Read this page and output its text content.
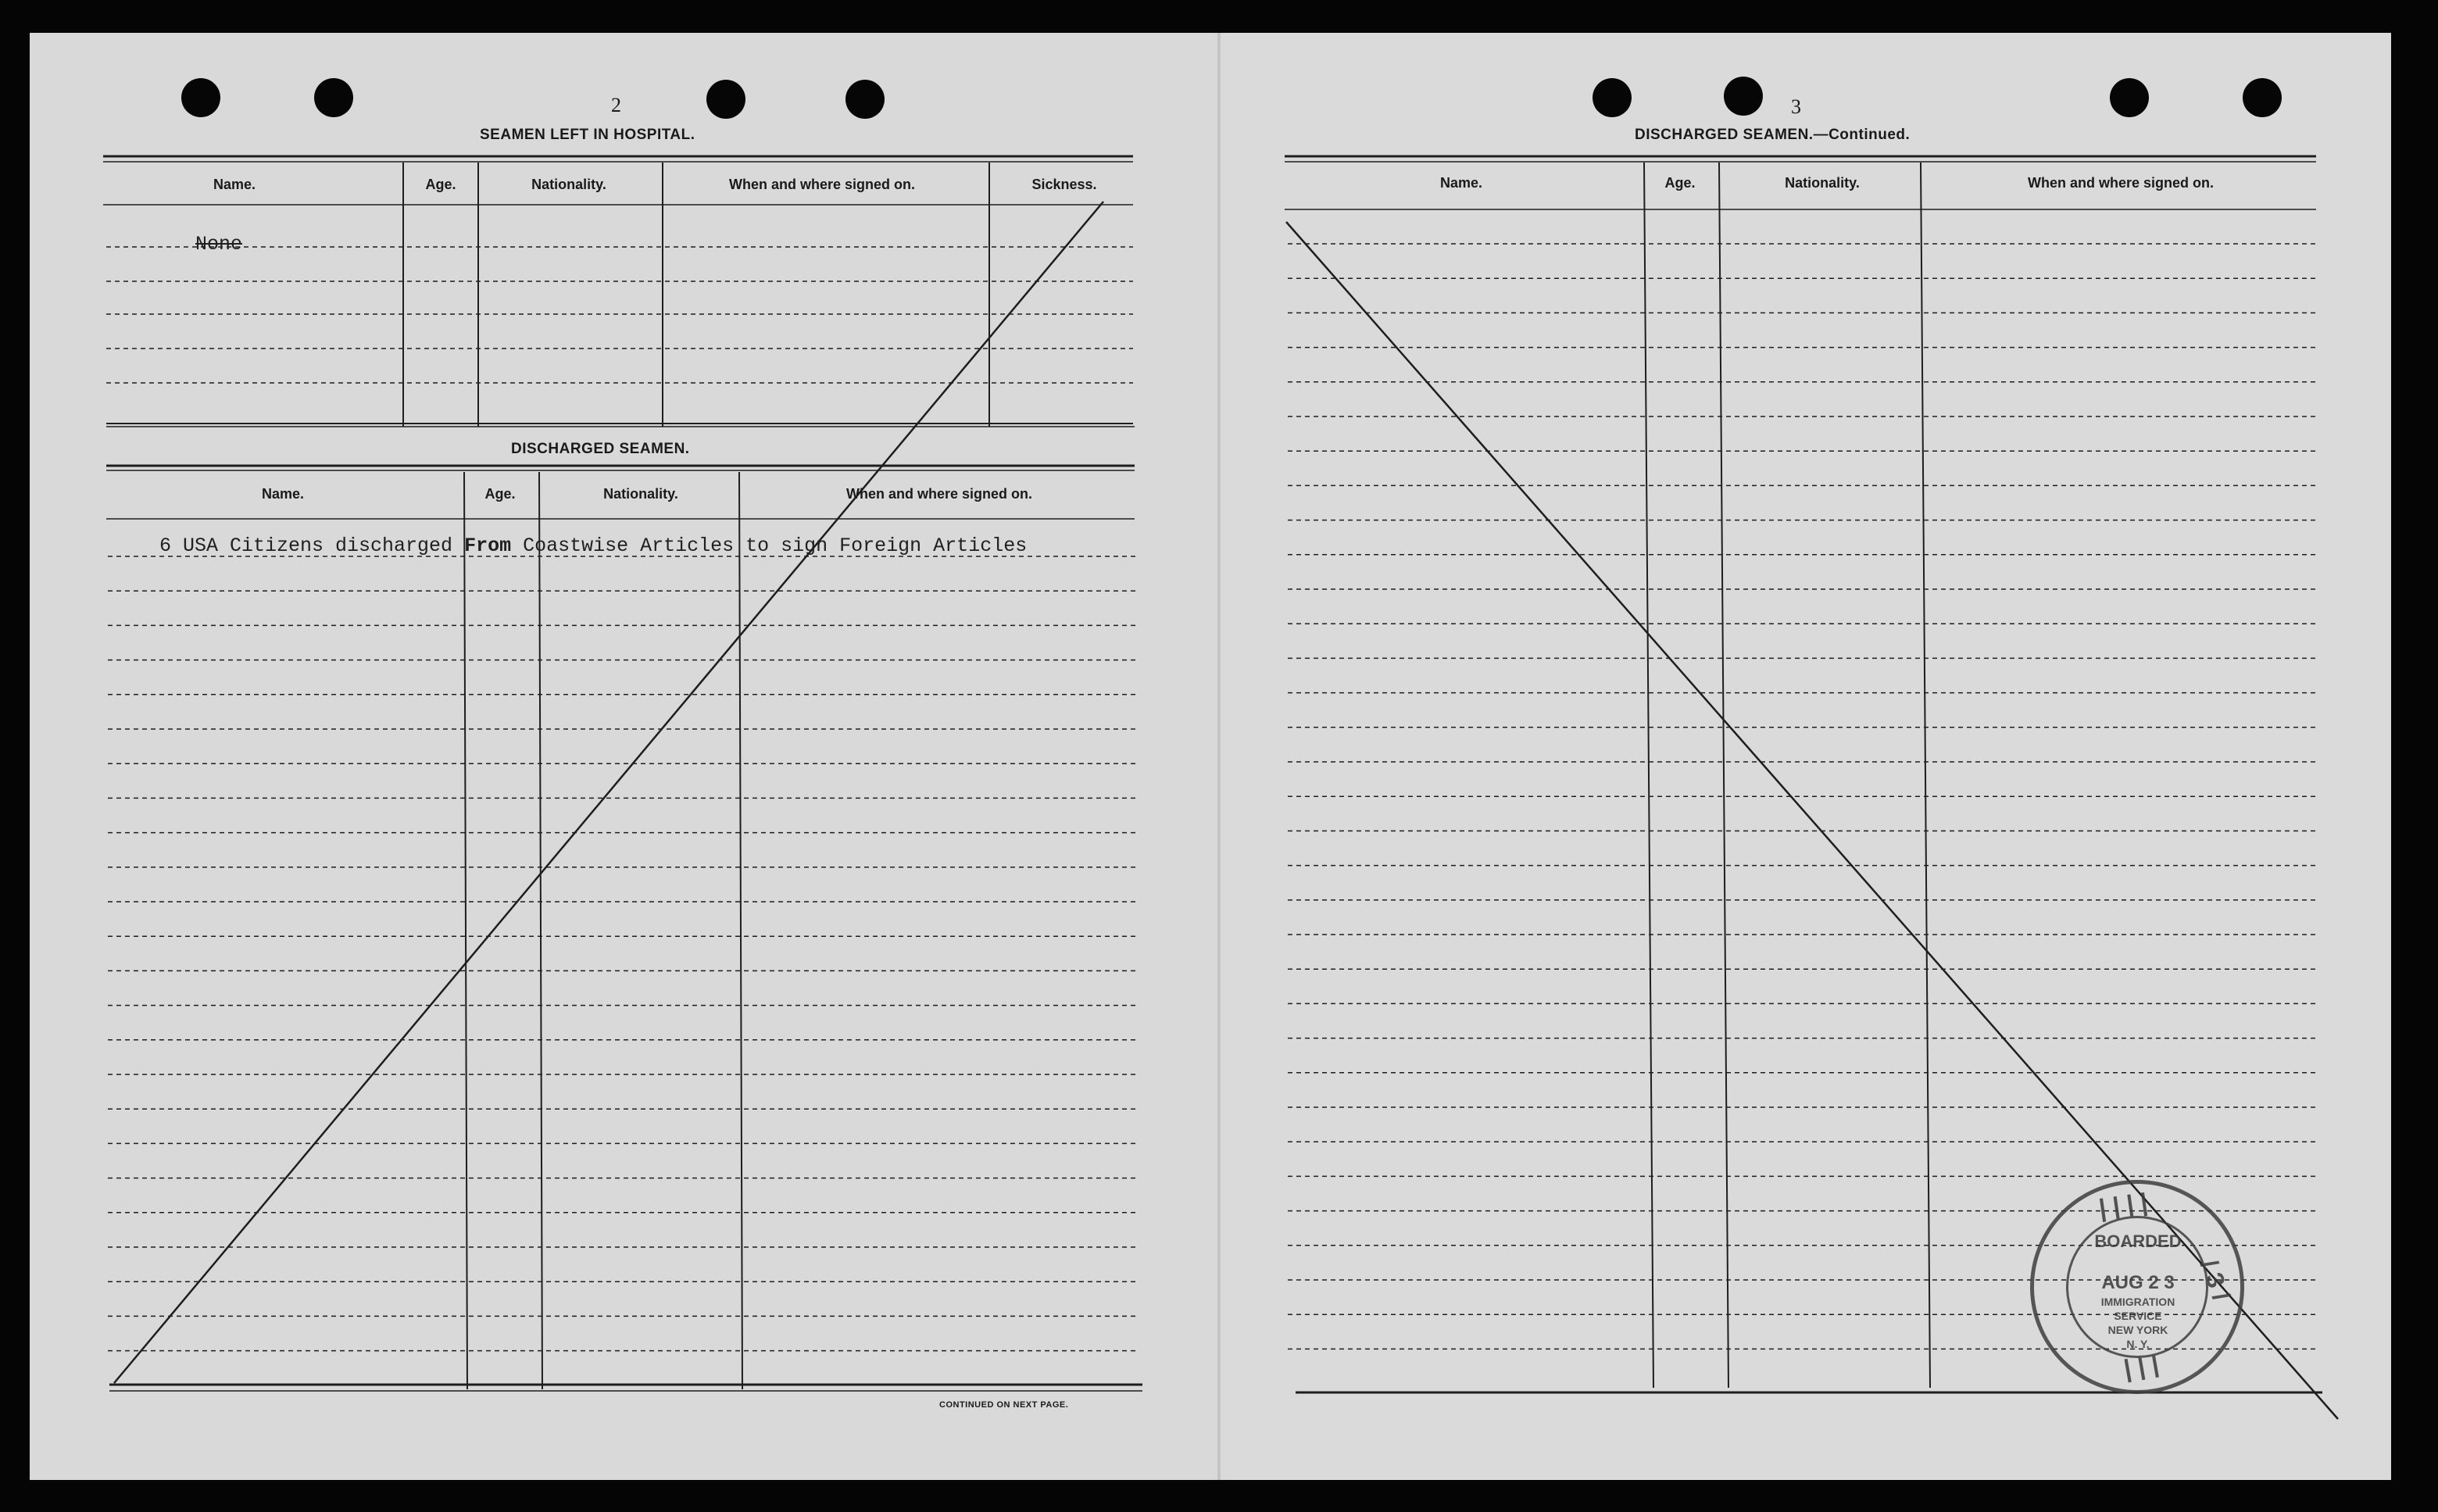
2
SEAMEN LEFT IN HOSPITAL.
Name.	Age.	Nationality.	When and where signed on.	Sickness.
None
DISCHARGED SEAMEN.
Name.	Age.	Nationality.	When and where signed on.
6 USA Citizens discharged From Coastwise Articles to sign Foreign Articles
CONTINUED ON NEXT PAGE.
3
DISCHARGED SEAMEN.—Continued.
Name.	Age.	Nationality.	When and where signed on.
| | | |
/ 3 /
| | |
BOARDED
AUG 2 3
IMMIGRATION
SERVICE
NEW YORK
N. Y.
